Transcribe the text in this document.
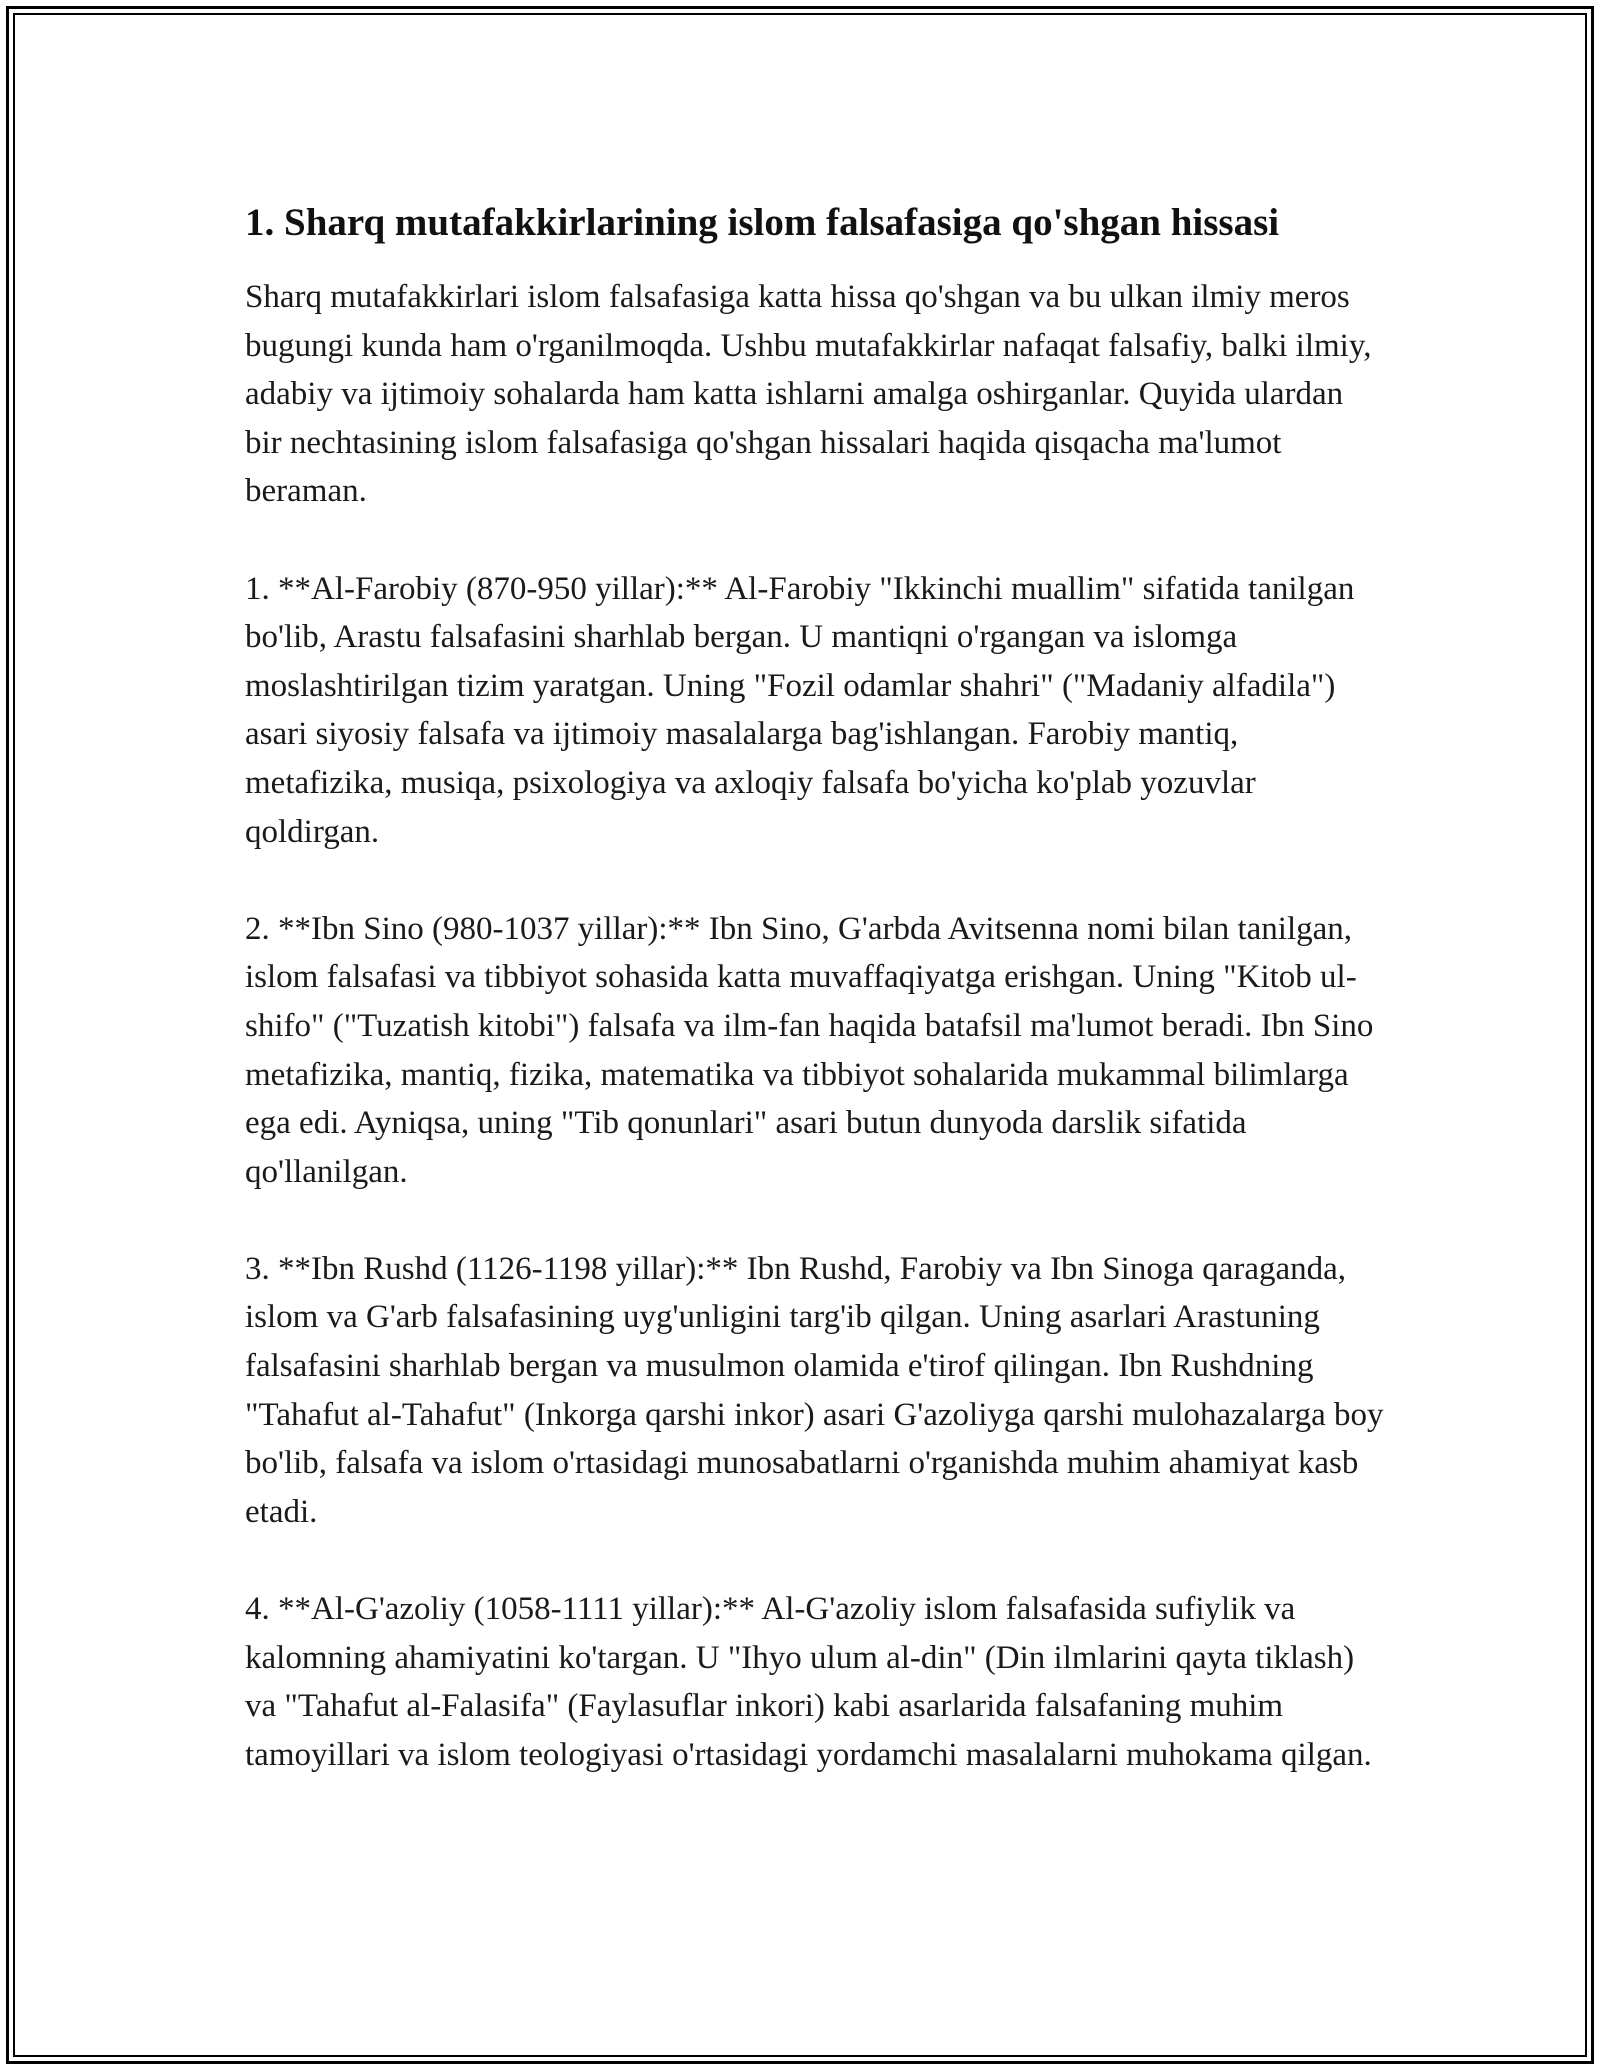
1. Sharq mutafakkirlarining islom falsafasiga qo'shgan hissasi

Sharq mutafakkirlari islom falsafasiga katta hissa qo'shgan va bu ulkan ilmiy meros bugungi kunda ham o'rganilmoqda. Ushbu mutafakkirlar nafaqat falsafiy, balki ilmiy, adabiy va ijtimoiy sohalarda ham katta ishlarni amalga oshirganlar. Quyida ulardan bir nechtasining islom falsafasiga qo'shgan hissalari haqida qisqacha ma'lumot beraman.

1. **Al-Farobiy (870-950 yillar):** Al-Farobiy "Ikkinchi muallim" sifatida tanilgan bo'lib, Arastu falsafasini sharhlab bergan. U mantiqni o'rgangan va islomga moslashtirilgan tizim yaratgan. Uning "Fozil odamlar shahri" ("Madaniy alfadila") asari siyosiy falsafa va ijtimoiy masalalarga bag'ishlangan. Farobiy mantiq, metafizika, musiqa, psixologiya va axloqiy falsafa bo'yicha ko'plab yozuvlar qoldirgan.

2. **Ibn Sino (980-1037 yillar):** Ibn Sino, G'arbda Avitsenna nomi bilan tanilgan, islom falsafasi va tibbiyot sohasida katta muvaffaqiyatga erishgan. Uning "Kitob ul-shifo" ("Tuzatish kitobi") falsafa va ilm-fan haqida batafsil ma'lumot beradi. Ibn Sino metafizika, mantiq, fizika, matematika va tibbiyot sohalarida mukammal bilimlarga ega edi. Ayniqsa, uning "Tib qonunlari" asari butun dunyoda darslik sifatida qo'llanilgan.

3. **Ibn Rushd (1126-1198 yillar):** Ibn Rushd, Farobiy va Ibn Sinoga qaraganda, islom va G'arb falsafasining uyg'unligini targ'ib qilgan. Uning asarlari Arastuning falsafasini sharhlab bergan va musulmon olamida e'tirof qilingan. Ibn Rushdning "Tahafut al-Tahafut" (Inkorga qarshi inkor) asari G'azoliyga qarshi mulohazalarga boy bo'lib, falsafa va islom o'rtasidagi munosabatlarni o'rganishda muhim ahamiyat kasb etadi.

4. **Al-G'azoliy (1058-1111 yillar):** Al-G'azoliy islom falsafasida sufiylik va kalomning ahamiyatini ko'targan. U "Ihyo ulum al-din" (Din ilmlarini qayta tiklash) va "Tahafut al-Falasifa" (Faylasuflar inkori) kabi asarlarida falsafaning muhim tamoyillari va islom teologiyasi o'rtasidagi yordamchi masalalarni muhokama qilgan.
